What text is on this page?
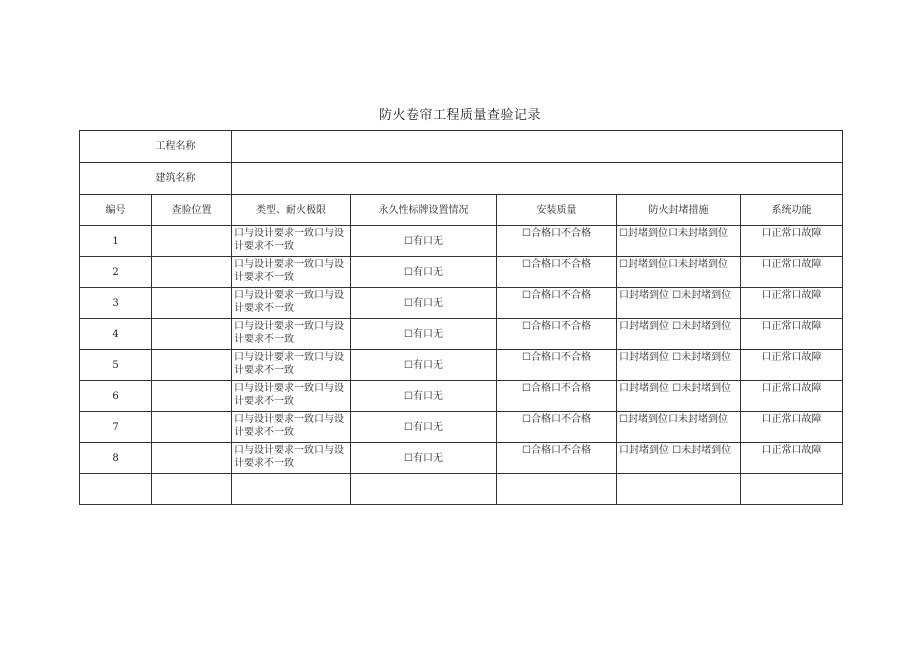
防火卷帘工程质量查验记录
工程名称						
建筑名称						
编号	查验位置	类型、耐火极限	永久性标牌设置情况	安装质量	防火封堵措施	系统功能

1		口与设计要求一致口与设计要求不一致	☐有口无	☐合格口不合格	☐封堵到位口未封堵到位	口正常口故障

2		口与设计要求一致口与设计要求不一致	☐有口无	☐合格口不合格	☐封堵到位口未封堵到位	口正常口故障

3		口与设计要求一致口与设计要求不一致	☐有口无	☐合格口不合格	口封堵到位 ☐未封堵到位	口正常口故障

4		口与设计要求一致口与设计要求不一致	☐有口无	☐合格口不合格	口封堵到位 ☐未封堵到位	口正常口故障

5		口与设计要求一致口与设计要求不一致	☐有口无	☐合格口不合格	口封堵到位 ☐未封堵到位	口正常口故障

6		口与设计要求一致口与设计要求不一致	☐有口无	☐合格口不合格	口封堵到位 ☐未封堵到位	口正常口故障

7		口与设计要求一致口与设计要求不一致	☐有口无	☐合格口不合格	☐封堵到位口未封堵到位	口正常口故障

8		口与设计要求一致口与设计要求不一致	☐有口无	☐合格口不合格	口封堵到位 ☐未封堵到位	口正常口故障
